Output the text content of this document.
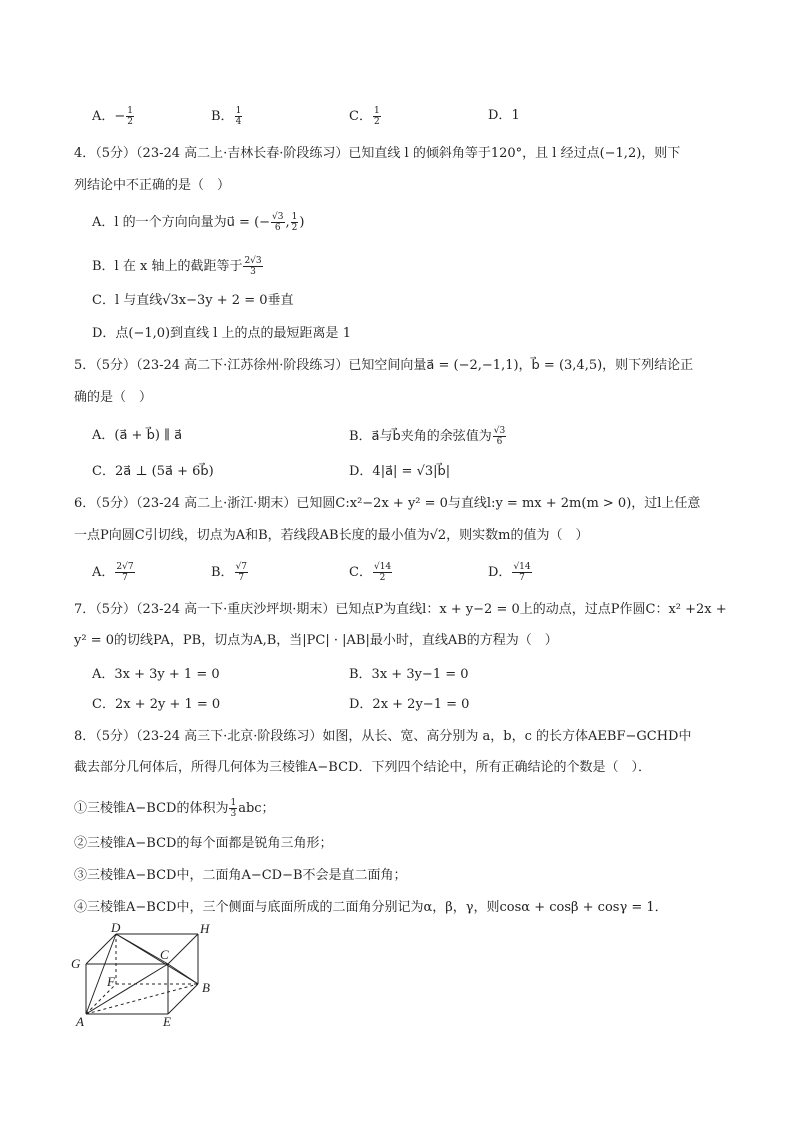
A．− $\frac{1}{2}$	B． $\frac{1}{4}$	C． $\frac{1}{2}$	D．1
4．（5分）（23-24 高二上·吉林长春·阶段练习）已知直线 l 的倾斜角等于120°，且 l 经过点(−1,2)，则下
列结论中不正确的是（　）
A．l 的一个方向向量为u⃗ = (− $\frac{√3}{6}$ , $\frac{1}{2}$ )
B．l 在 x 轴上的截距等于 $\frac{2√3}{3}$
C．l 与直线√3x−3y + 2 = 0垂直
D．点(−1,0)到直线 l 上的点的最短距离是 1
5．（5分）（23-24 高二下·江苏徐州·阶段练习）已知空间向量a⃗ = (−2,−1,1)，b⃗ = (3,4,5)，则下列结论正
确的是（　）
A．(a⃗ + b⃗) ∥ a⃗	B．a⃗与b⃗夹角的余弦值为 $\frac{√3}{6}$
C．2a⃗ ⊥ (5a⃗ + 6b⃗)	D．4|a⃗| = √3|b⃗|
6．（5分）（23-24 高二上·浙江·期末）已知圆C:x²−2x + y² = 0与直线l:y = mx + 2m(m > 0)，过l上任意
一点P向圆C引切线，切点为A和B，若线段AB长度的最小值为√2，则实数m的值为（　）
A． $\frac{2√7}{7}$	B． $\frac{√7}{7}$	C． $\frac{√14}{2}$	D． $\frac{√14}{7}$
7．（5分）（23-24 高一下·重庆沙坪坝·期末）已知点P为直线l：x + y−2 = 0上的动点，过点P作圆C：x² +2x +
y² = 0的切线PA，PB，切点为A,B，当|PC| · |AB|最小时，直线AB的方程为（　）
A．3x + 3y + 1 = 0	B．3x + 3y−1 = 0
C．2x + 2y + 1 = 0	D．2x + 2y−1 = 0
8．（5分）（23-24 高三下·北京·阶段练习）如图，从长、宽、高分别为 a，b，c 的长方体AEBF−GCHD中
截去部分几何体后，所得几何体为三棱锥A−BCD．下列四个结论中，所有正确结论的个数是（　）．
①三棱锥A−BCD的体积为 $\frac{1}{3}$ abc；
②三棱锥A−BCD的每个面都是锐角三角形；
③三棱锥A−BCD中，二面角A−CD−B不会是直二面角；
④三棱锥A−BCD中，三个侧面与底面所成的二面角分别记为α，β，γ，则cosα + cosβ + cosγ = 1．
D	H
G
C
F	B
A	E
